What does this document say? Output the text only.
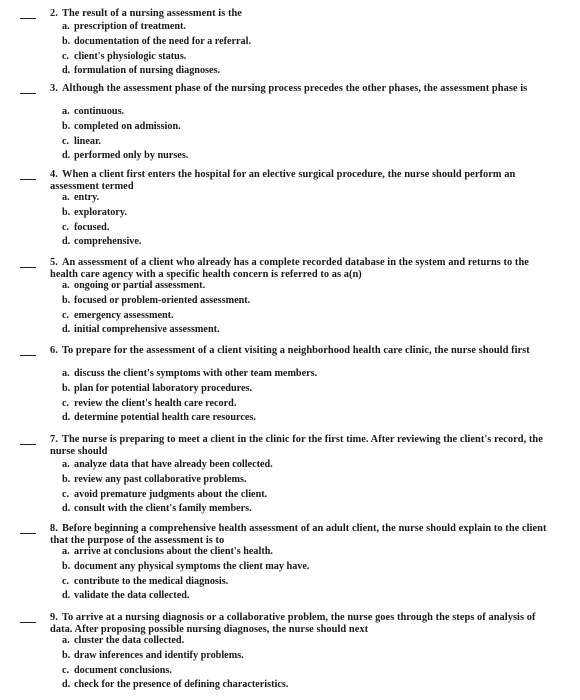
2. The result of a nursing assessment is the
a. prescription of treatment.
b. documentation of the need for a referral.
c. client's physiologic status.
d. formulation of nursing diagnoses.
3. Although the assessment phase of the nursing process precedes the other phases, the assessment phase is
a. continuous.
b. completed on admission.
c. linear.
d. performed only by nurses.
4. When a client first enters the hospital for an elective surgical procedure, the nurse should perform an assessment termed
a. entry.
b. exploratory.
c. focused.
d. comprehensive.
5. An assessment of a client who already has a complete recorded database in the system and returns to the health care agency with a specific health concern is referred to as a(n)
a. ongoing or partial assessment.
b. focused or problem-oriented assessment.
c. emergency assessment.
d. initial comprehensive assessment.
6. To prepare for the assessment of a client visiting a neighborhood health care clinic, the nurse should first
a. discuss the client's symptoms with other team members.
b. plan for potential laboratory procedures.
c. review the client's health care record.
d. determine potential health care resources.
7. The nurse is preparing to meet a client in the clinic for the first time. After reviewing the client's record, the nurse should
a. analyze data that have already been collected.
b. review any past collaborative problems.
c. avoid premature judgments about the client.
d. consult with the client's family members.
8. Before beginning a comprehensive health assessment of an adult client, the nurse should explain to the client that the purpose of the assessment is to
a. arrive at conclusions about the client's health.
b. document any physical symptoms the client may have.
c. contribute to the medical diagnosis.
d. validate the data collected.
9. To arrive at a nursing diagnosis or a collaborative problem, the nurse goes through the steps of analysis of data. After proposing possible nursing diagnoses, the nurse should next
a. cluster the data collected.
b. draw inferences and identify problems.
c. document conclusions.
d. check for the presence of defining characteristics.
